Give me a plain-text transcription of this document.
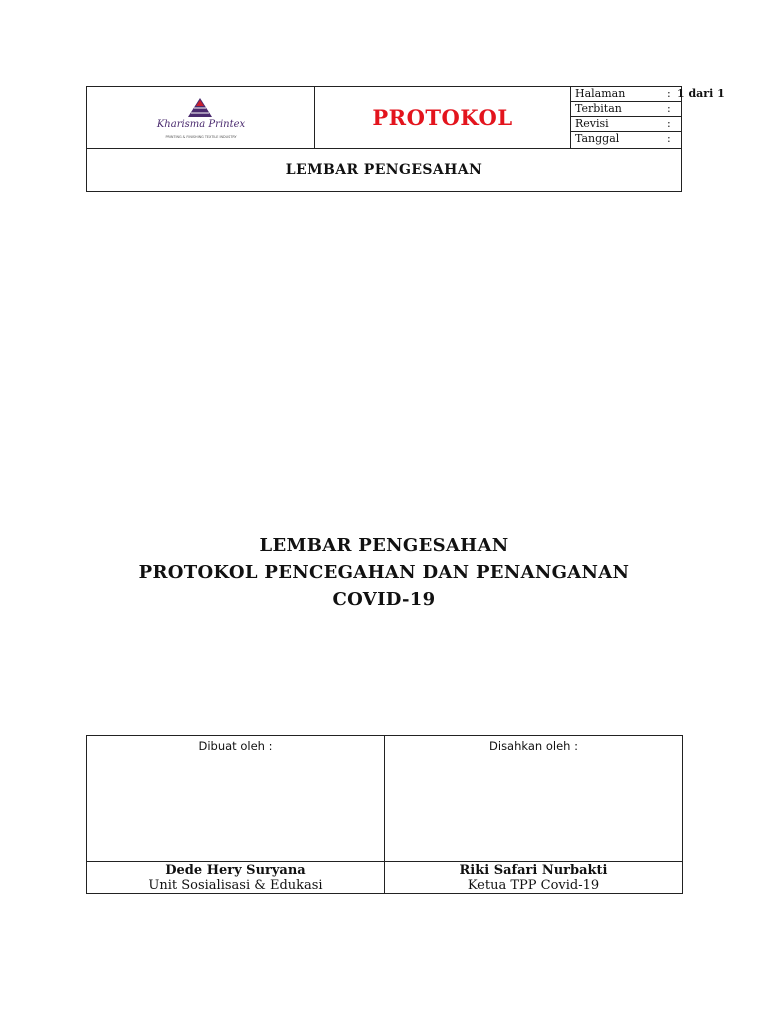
Kharisma Printex
PRINTING & FINISHING TEXTILE INDUSTRY
PROTOKOL
Halaman	: 1 dari 1
Terbitan	:
Revisi	:
Tanggal	:
LEMBAR PENGESAHAN
LEMBAR PENGESAHAN
PROTOKOL PENCEGAHAN DAN PENANGANAN
COVID-19
Dibuat oleh :
Dede Hery Suryana
Unit Sosialisasi & Edukasi
Disahkan oleh :
Riki Safari Nurbakti
Ketua TPP Covid-19
